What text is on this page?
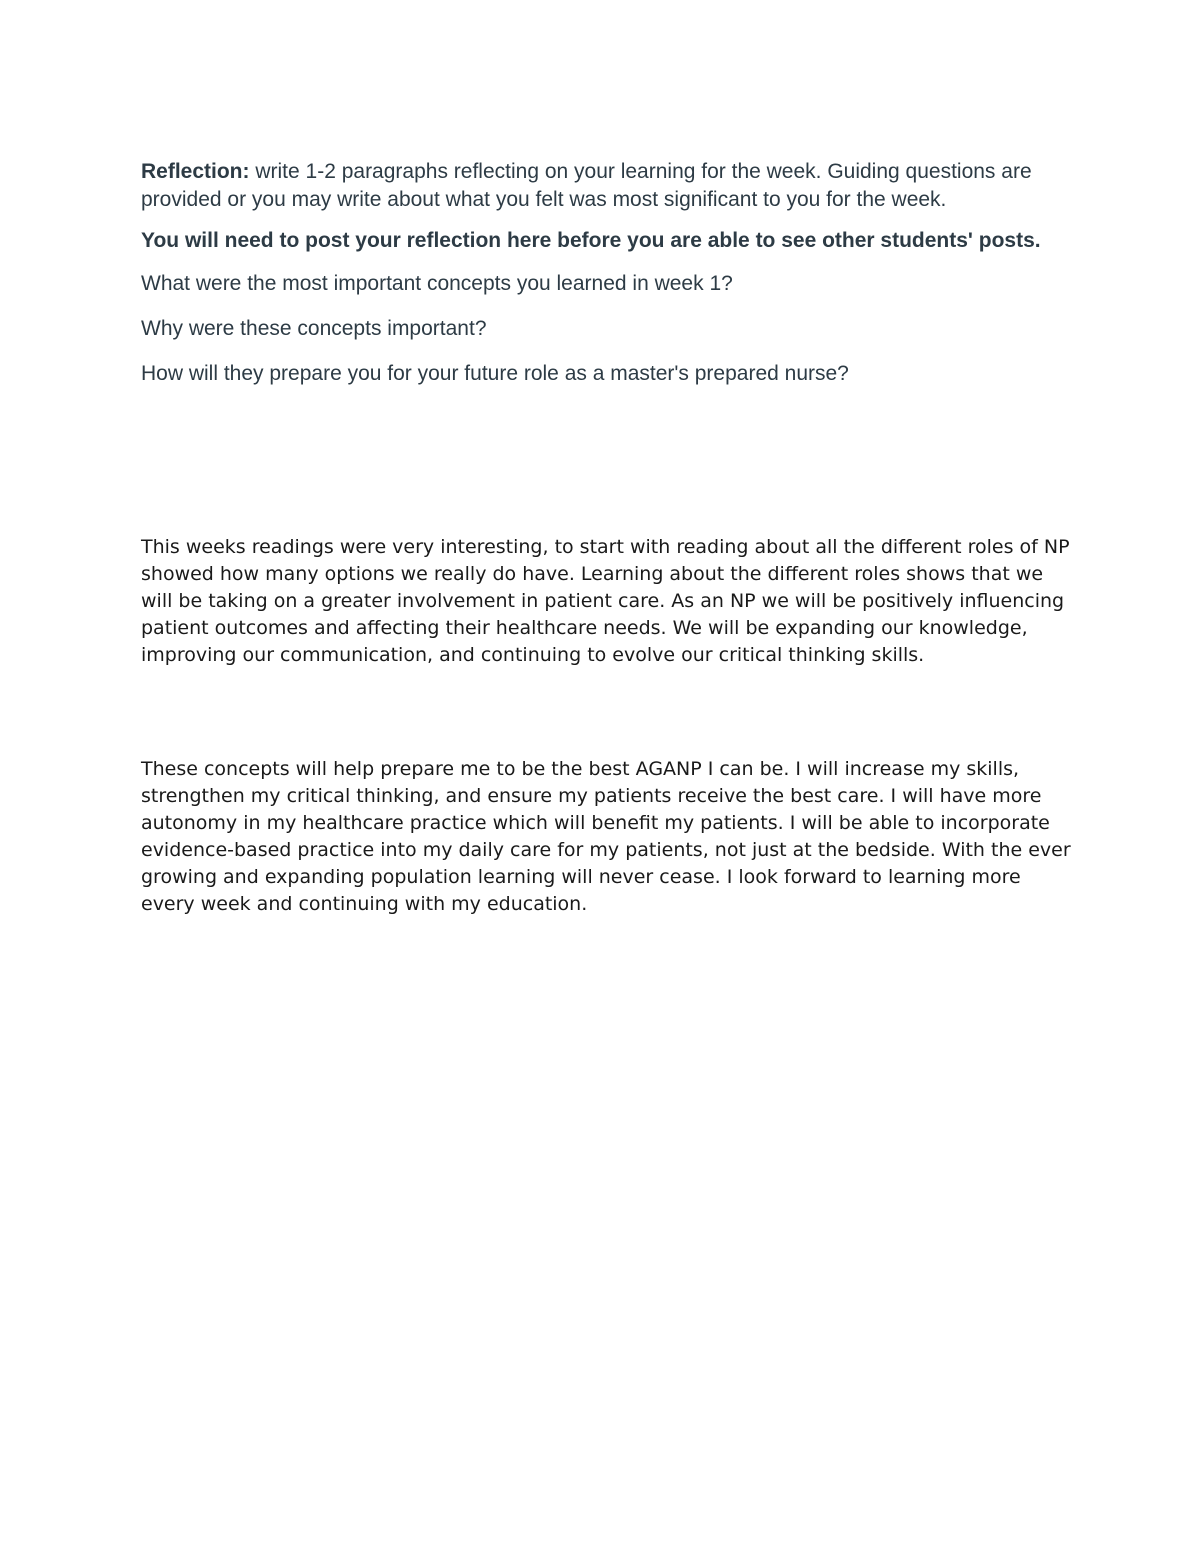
Reflection: write 1-2 paragraphs reflecting on your learning for the week. Guiding questions are provided or you may write about what you felt was most significant to you for the week.

You will need to post your reflection here before you are able to see other students' posts.

What were the most important concepts you learned in week 1?

Why were these concepts important?

How will they prepare you for your future role as a master's prepared nurse?

This weeks readings were very interesting, to start with reading about all the different roles of NP showed how many options we really do have. Learning about the different roles shows that we will be taking on a greater involvement in patient care. As an NP we will be positively influencing patient outcomes and affecting their healthcare needs. We will be expanding our knowledge, improving our communication, and continuing to evolve our critical thinking skills.

These concepts will help prepare me to be the best AGANP I can be. I will increase my skills, strengthen my critical thinking, and ensure my patients receive the best care. I will have more autonomy in my healthcare practice which will benefit my patients. I will be able to incorporate evidence-based practice into my daily care for my patients, not just at the bedside. With the ever growing and expanding population learning will never cease. I look forward to learning more every week and continuing with my education.
